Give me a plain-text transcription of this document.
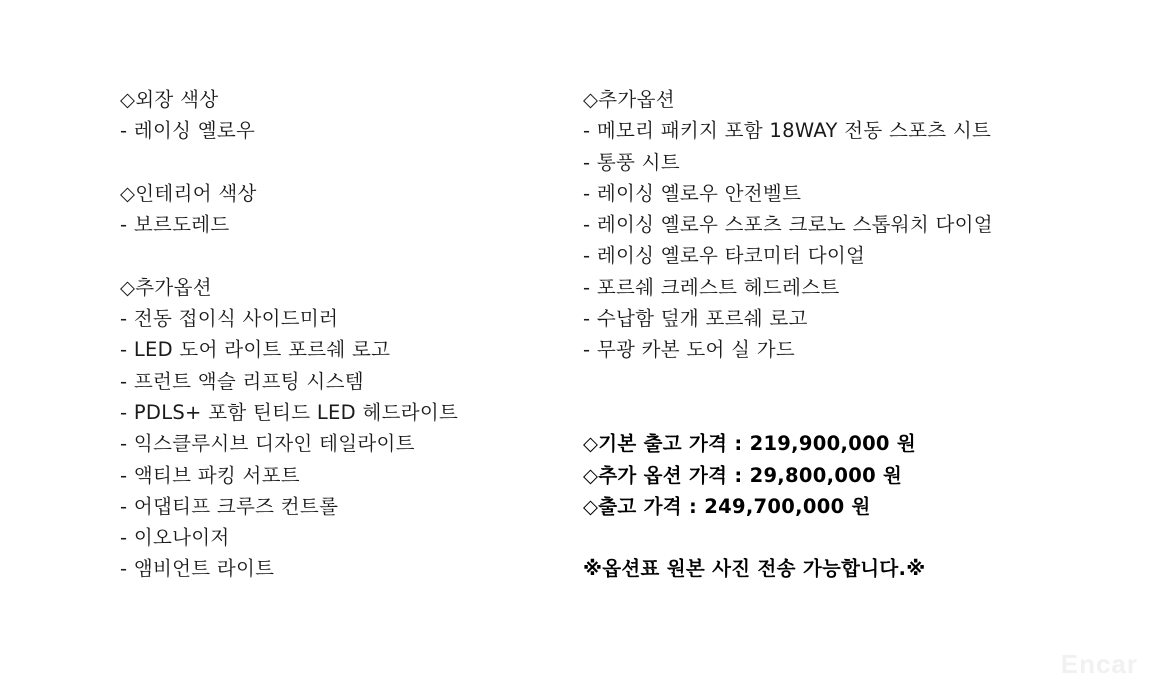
◇외장 색상
- 레이싱 옐로우
◇인테리어 색상
- 보르도레드
◇추가옵션
- 전동 접이식 사이드미러
- LED 도어 라이트 포르쉐 로고
- 프런트 액슬 리프팅 시스템
- PDLS+ 포함 틴티드 LED 헤드라이트
- 익스클루시브 디자인 테일라이트
- 액티브 파킹 서포트
- 어댑티프 크루즈 컨트롤
- 이오나이저
- 앰비언트 라이트
◇추가옵션
- 메모리 패키지 포함 18WAY 전동 스포츠 시트
- 통풍 시트
- 레이싱 옐로우 안전벨트
- 레이싱 옐로우 스포츠 크로노 스톱워치 다이얼
- 레이싱 옐로우 타코미터 다이얼
- 포르쉐 크레스트 헤드레스트
- 수납함 덮개 포르쉐 로고
- 무광 카본 도어 실 가드
◇기본 출고 가격 : 219,900,000 원
◇추가 옵션 가격 : 29,800,000 원
◇출고 가격 : 249,700,000 원
※옵션표 원본 사진 전송 가능합니다.※
Encar
